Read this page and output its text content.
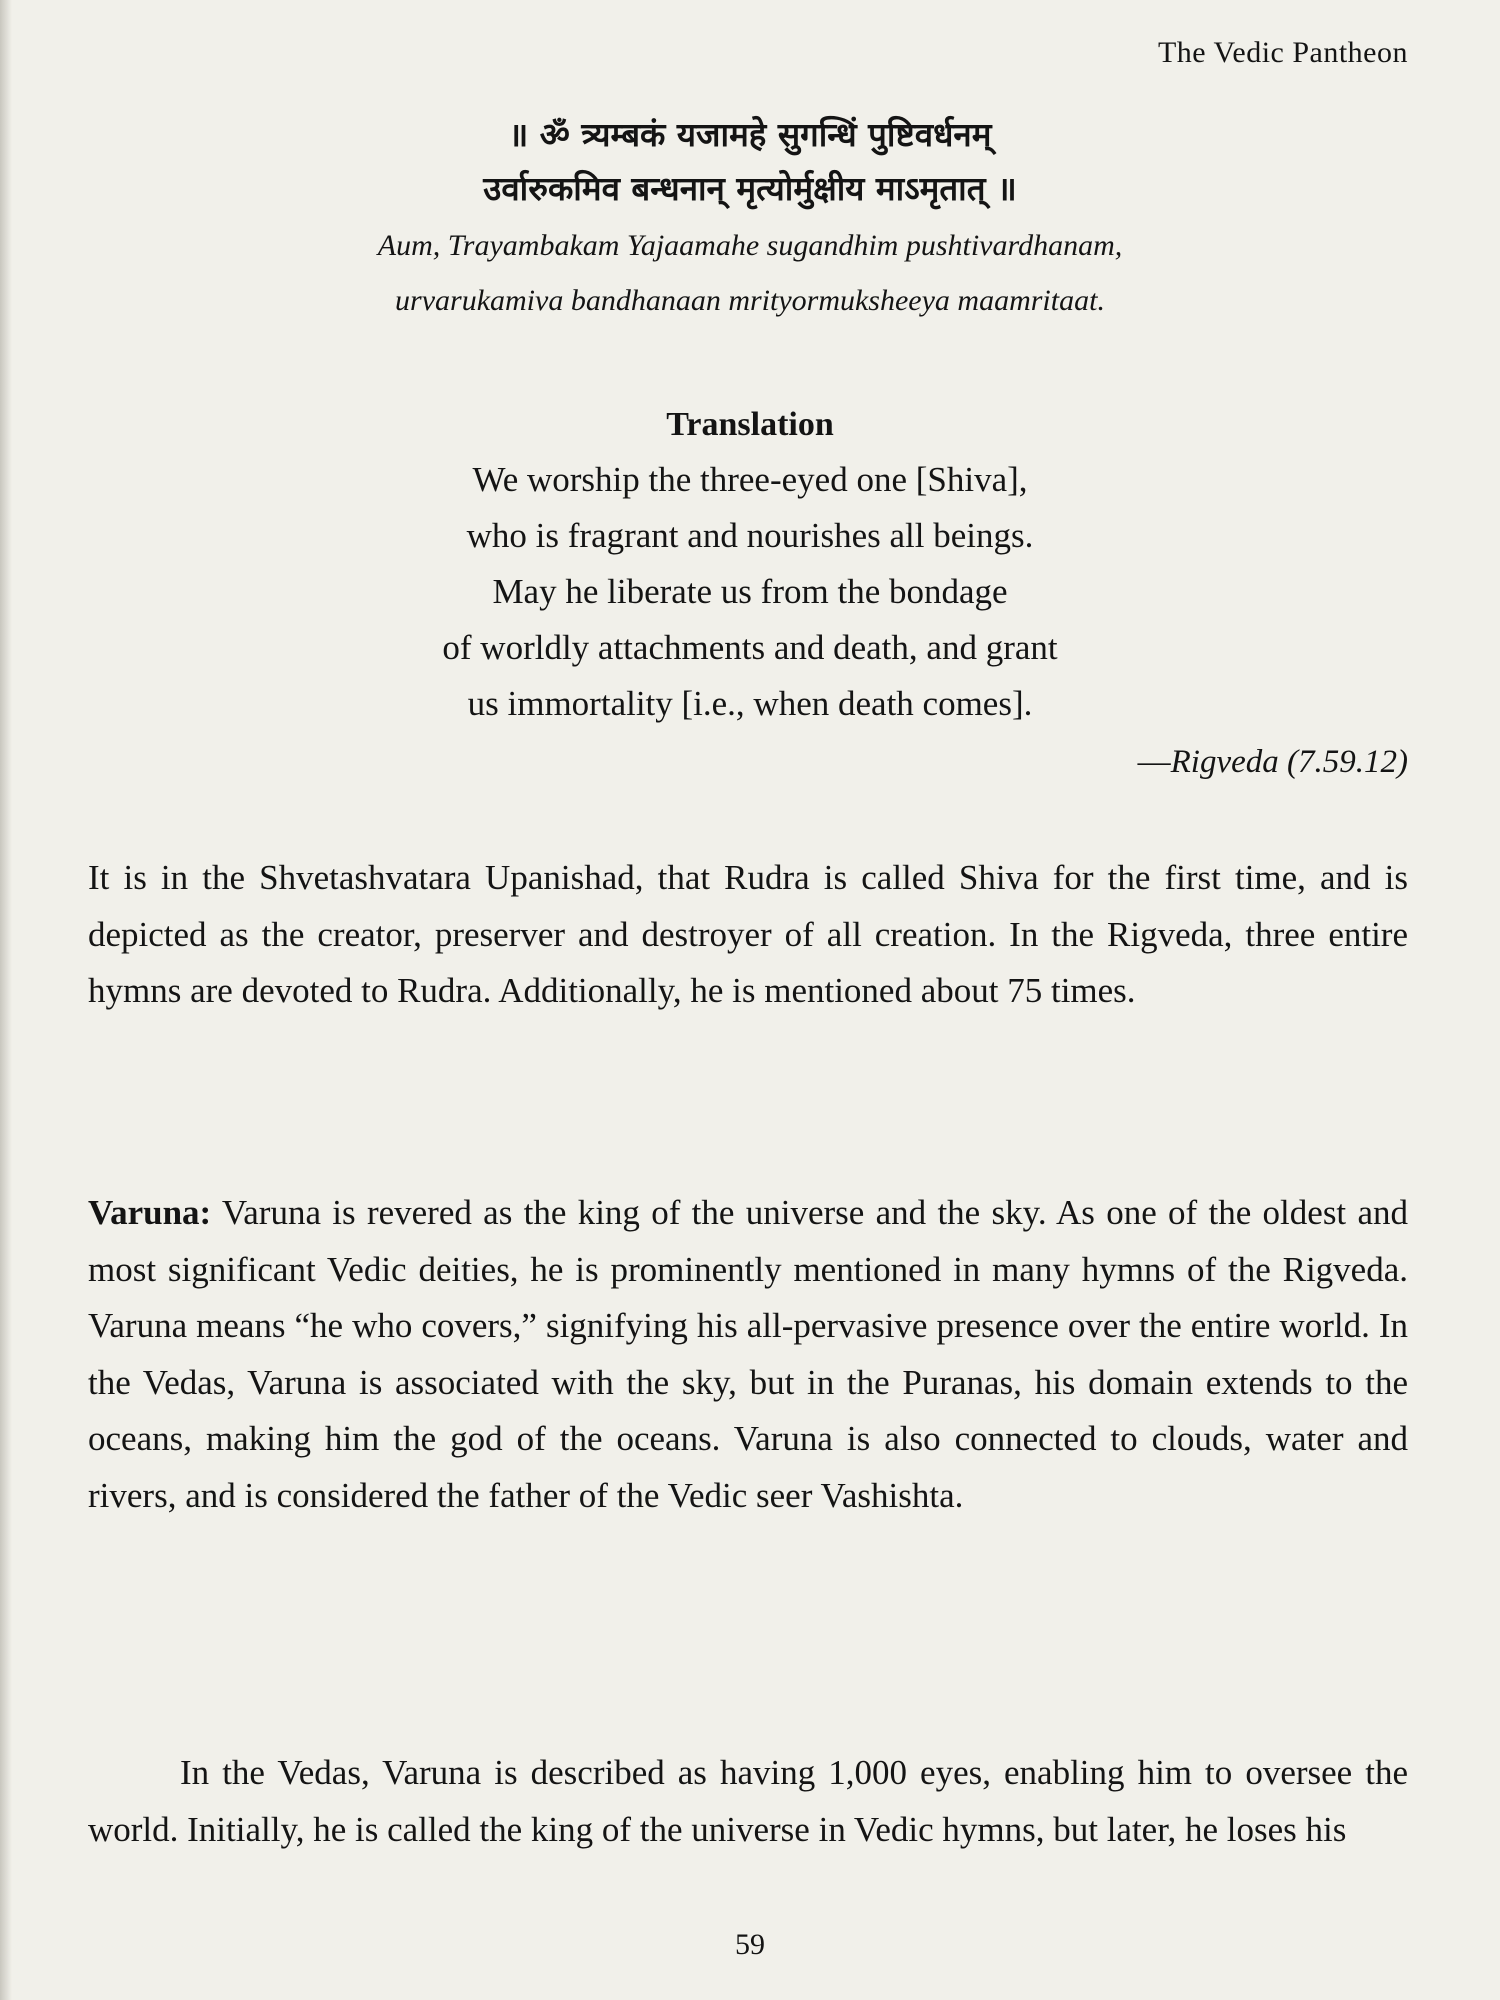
The Vedic Pantheon

॥ ॐ त्र्यम्बकं यजामहे सुगन्धिं पुष्टिवर्धनम्

उर्वारुकमिव बन्धनान् मृत्योर्मुक्षीय माऽमृतात् ॥

Aum, Trayambakam Yajaamahe sugandhim pushtivardhanam,

urvarukamiva bandhanaan mrityormuksheeya maamritaat.

Translation

We worship the three-eyed one [Shiva],

who is fragrant and nourishes all beings.

May he liberate us from the bondage

of worldly attachments and death, and grant

us immortality [i.e., when death comes].

—Rigveda (7.59.12)

It is in the Shvetashvatara Upanishad, that Rudra is called Shiva for the first time, and is depicted as the creator, preserver and destroyer of all creation. In the Rigveda, three entire hymns are devoted to Rudra. Additionally, he is mentioned about 75 times.

Varuna: Varuna is revered as the king of the universe and the sky. As one of the oldest and most significant Vedic deities, he is prominently mentioned in many hymns of the Rigveda. Varuna means “he who covers,” signifying his all-pervasive presence over the entire world. In the Vedas, Varuna is associated with the sky, but in the Puranas, his domain extends to the oceans, making him the god of the oceans. Varuna is also connected to clouds, water and rivers, and is considered the father of the Vedic seer Vashishta.

In the Vedas, Varuna is described as having 1,000 eyes, enabling him to oversee the world. Initially, he is called the king of the universe in Vedic hymns, but later, he loses his

59
